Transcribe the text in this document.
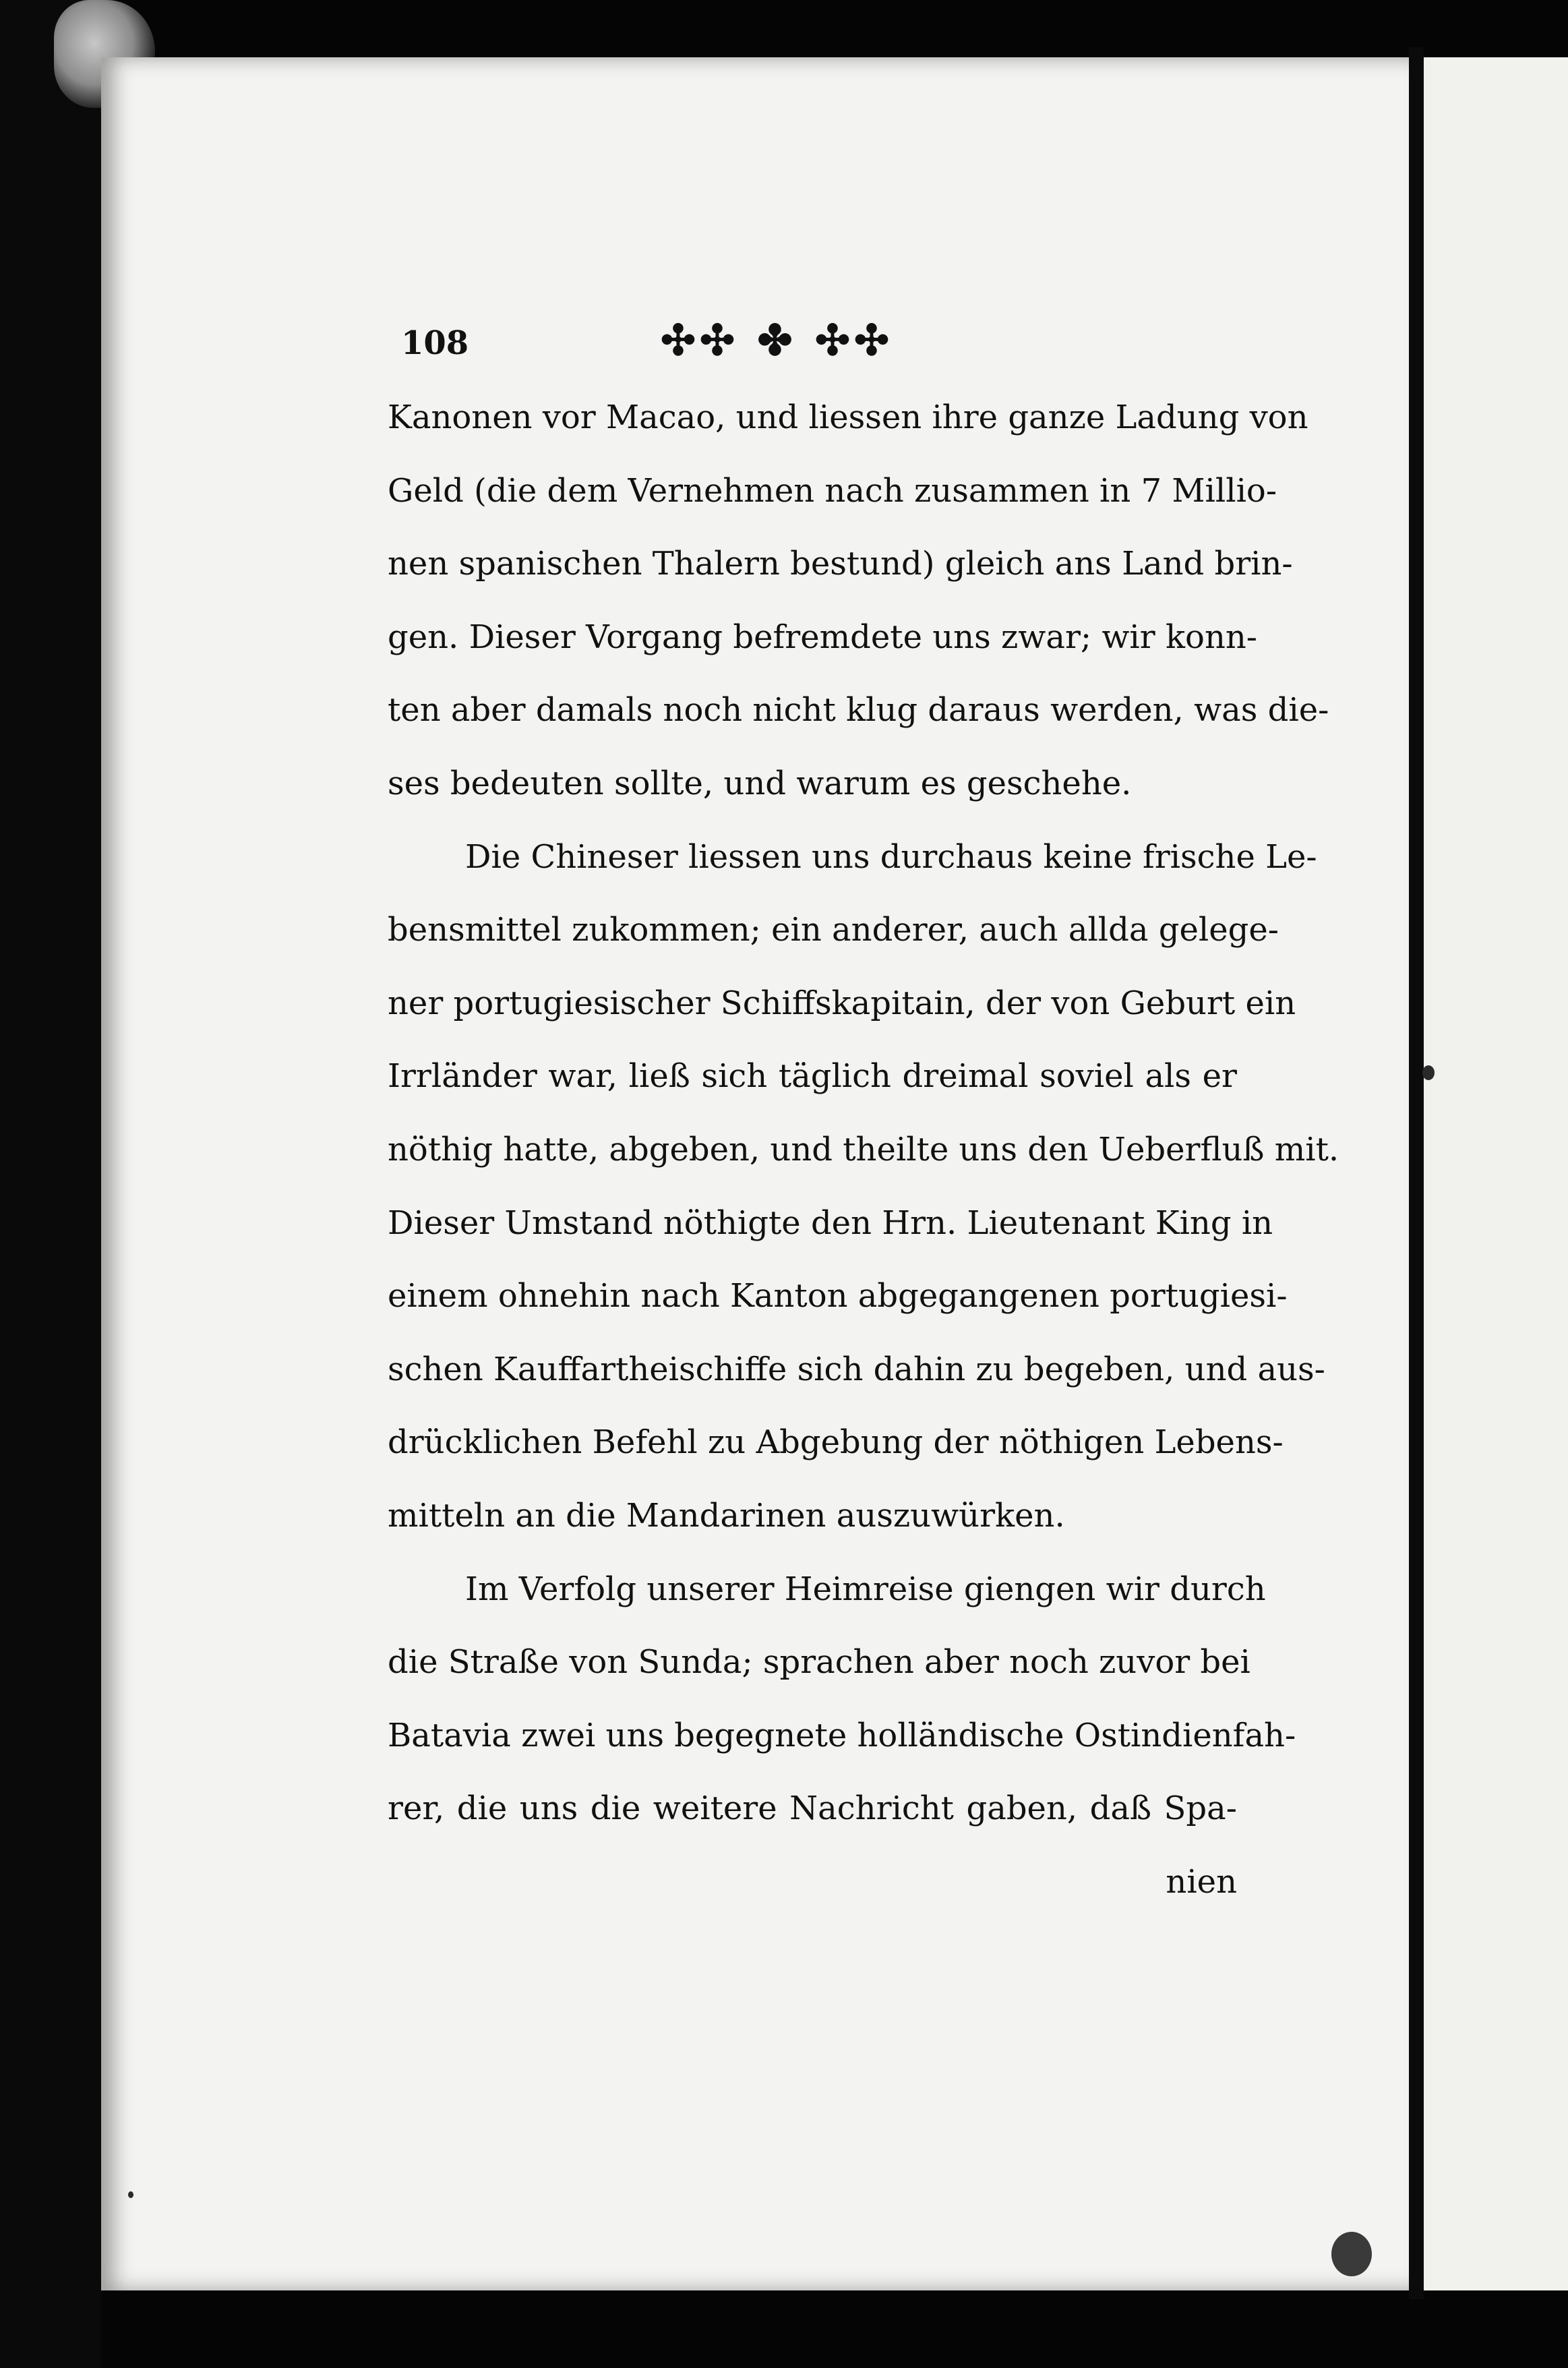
108	✣✣ ✤ ✣✣
Kanonen vor Macao, und liessen ihre ganze Ladung von
Geld (die dem Vernehmen nach zusammen in 7 Millio-
nen spanischen Thalern bestund) gleich ans Land brin-
gen. Dieser Vorgang befremdete uns zwar; wir konn-
ten aber damals noch nicht klug daraus werden, was die-
ses bedeuten sollte, und warum es geschehe.
Die Chineser liessen uns durchaus keine frische Le-
bensmittel zukommen; ein anderer, auch allda gelege-
ner portugiesischer Schiffskapitain, der von Geburt ein
Irrländer war, ließ sich täglich dreimal soviel als er
nöthig hatte, abgeben, und theilte uns den Ueberfluß mit.
Dieser Umstand nöthigte den Hrn. Lieutenant King in
einem ohnehin nach Kanton abgegangenen portugiesi-
schen Kauffartheischiffe sich dahin zu begeben, und aus-
drücklichen Befehl zu Abgebung der nöthigen Lebens-
mitteln an die Mandarinen auszuwürken.
Im Verfolg unserer Heimreise giengen wir durch
die Straße von Sunda; sprachen aber noch zuvor bei
Batavia zwei uns begegnete holländische Ostindienfah-
rer, die uns die weitere Nachricht gaben, daß Spa-
nien
